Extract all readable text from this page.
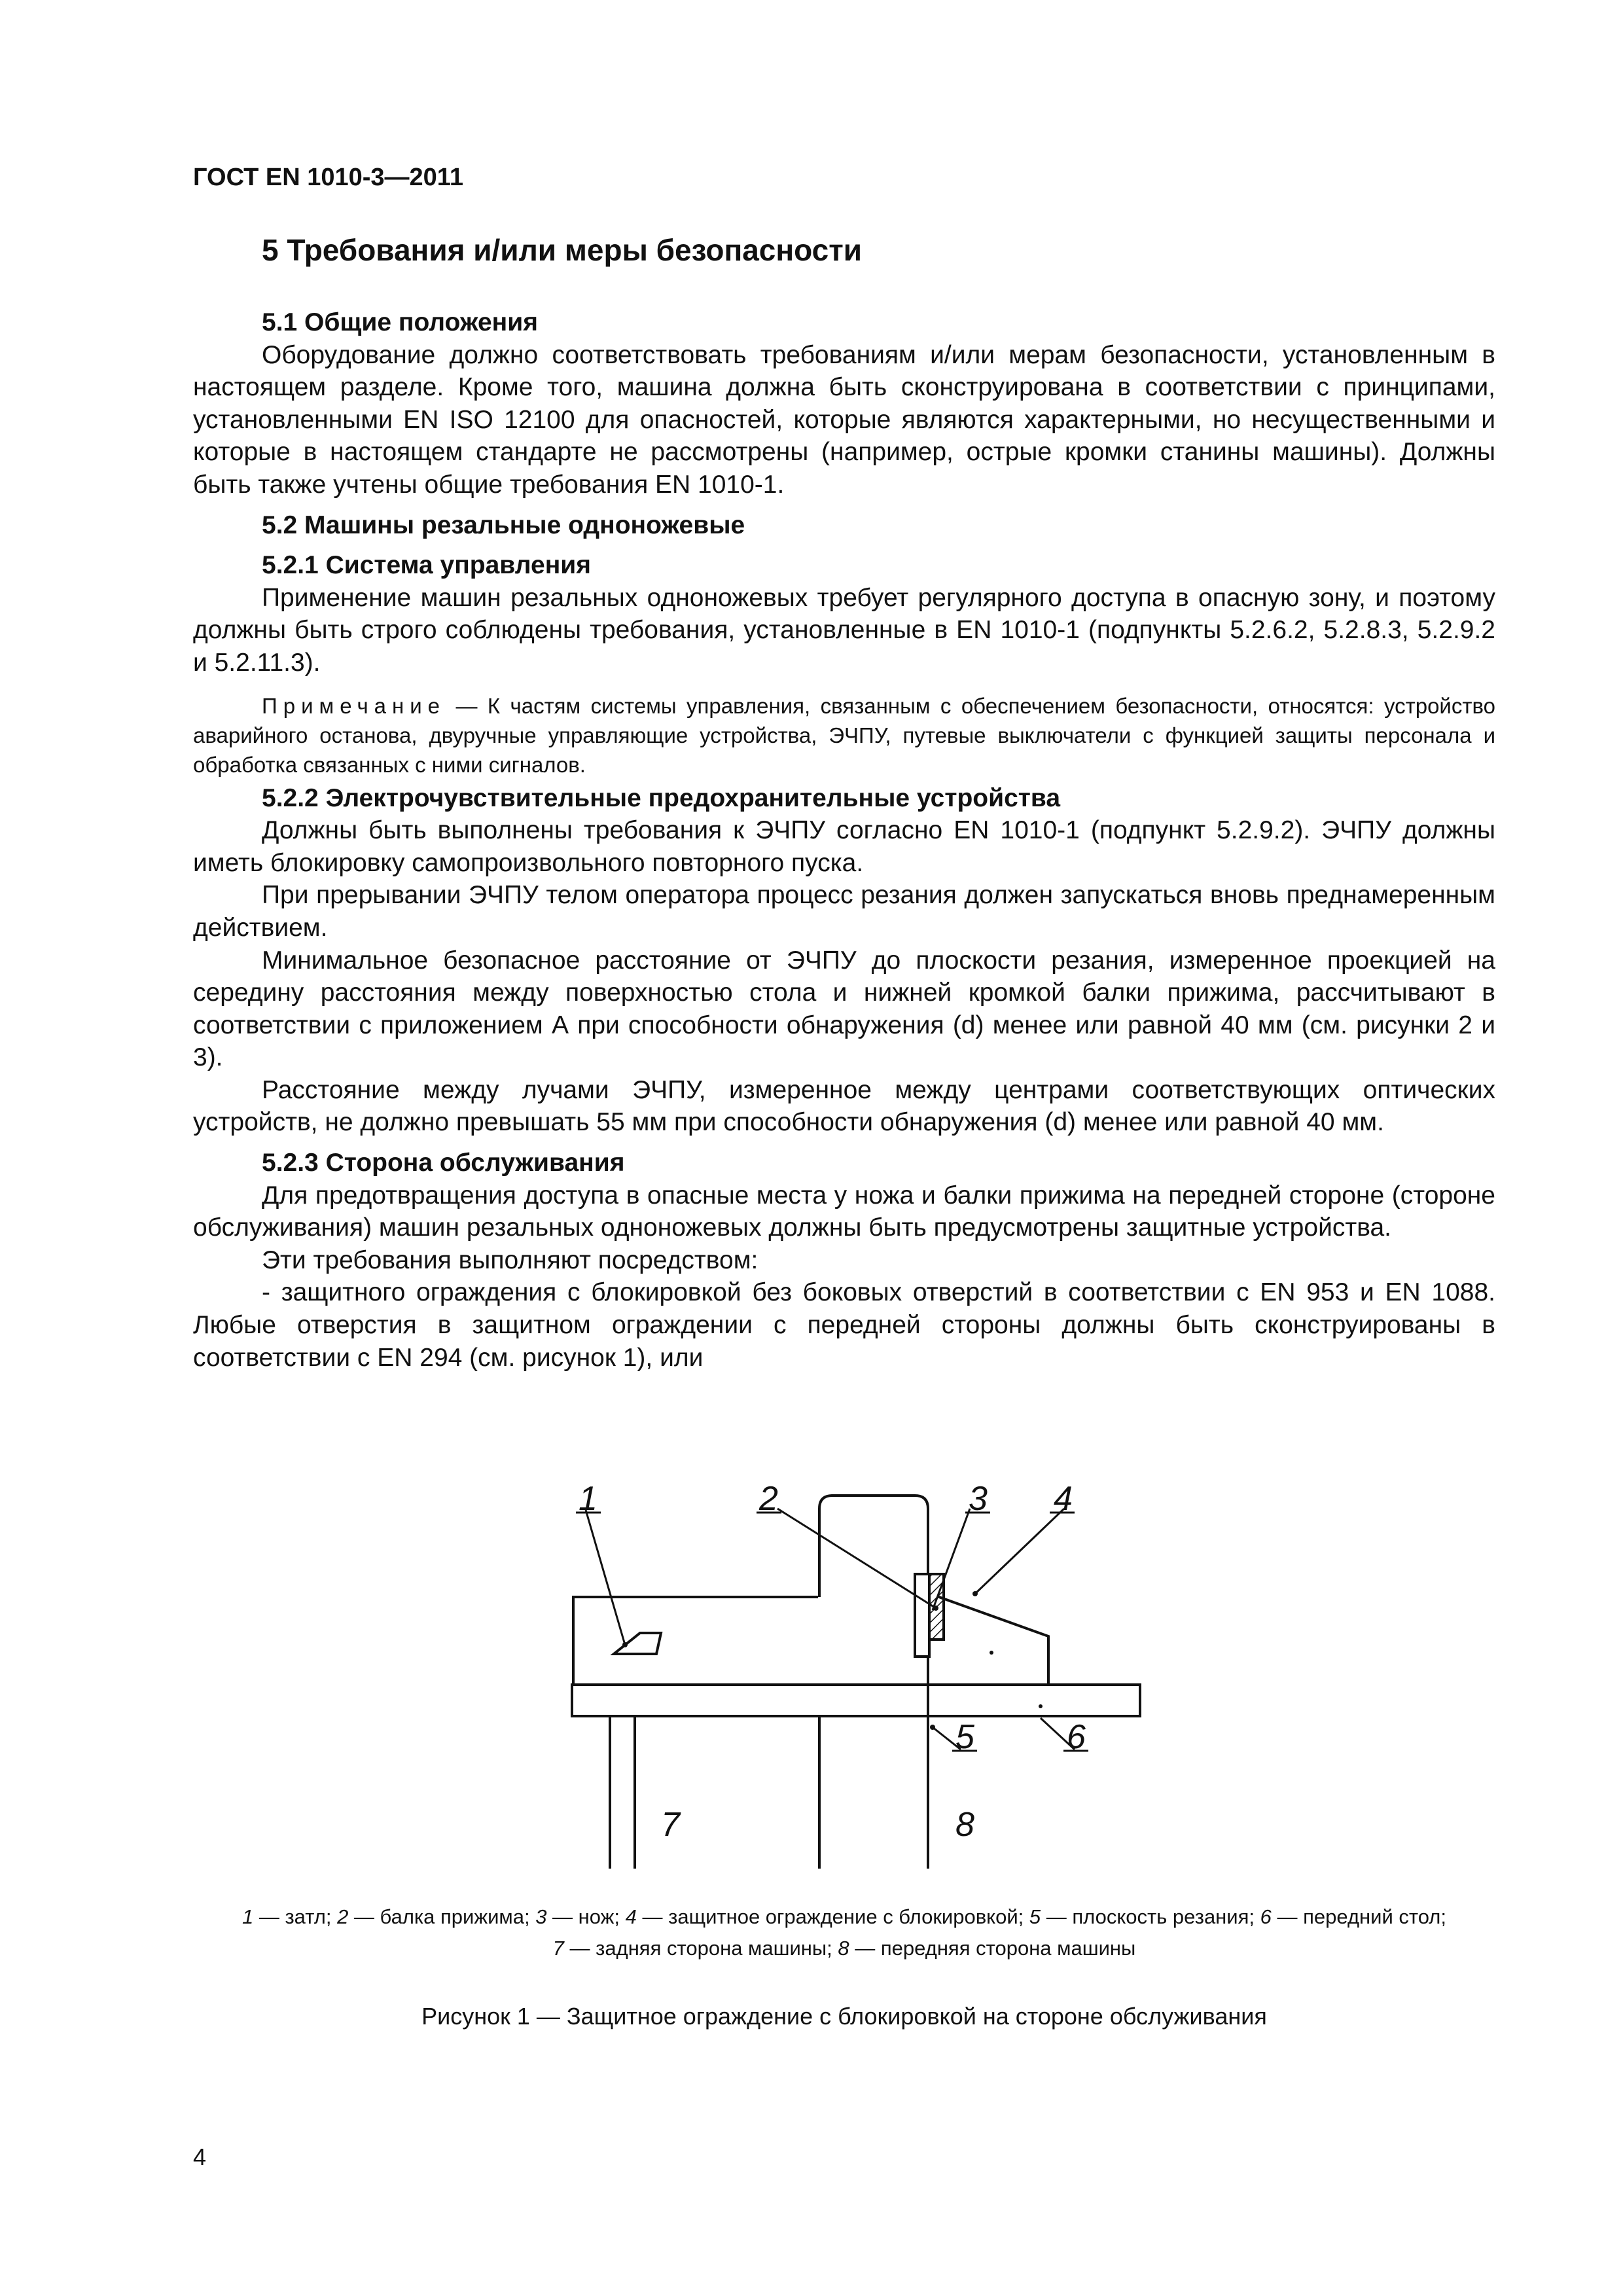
ГОСТ EN 1010-3—2011
5 Требования и/или меры безопасности
5.1 Общие положения

Оборудование должно соответствовать требованиям и/или мерам безопасности, установленным в настоящем разделе. Кроме того, машина должна быть сконструирована в соответствии с принципами, установленными EN ISO 12100 для опасностей, которые являются характерными, но несущественными и которые в настоящем стандарте не рассмотрены (например, острые кромки станины машины). Должны быть также учтены общие требования EN 1010-1.

5.2 Машины резальные одноножевые
5.2.1 Система управления

Применение машин резальных одноножевых требует регулярного доступа в опасную зону, и поэтому должны быть строго соблюдены требования, установленные в EN 1010-1 (подпункты 5.2.6.2, 5.2.8.3, 5.2.9.2 и 5.2.11.3).

Примечание — К частям системы управления, связанным с обеспечением безопасности, относятся: устройство аварийного останова, двуручные управляющие устройства, ЭЧПУ, путевые выключатели с функцией защиты персонала и обработка связанных с ними сигналов.

5.2.2 Электрочувствительные предохранительные устройства

Должны быть выполнены требования к ЭЧПУ согласно EN 1010-1 (подпункт 5.2.9.2). ЭЧПУ должны иметь блокировку самопроизвольного повторного пуска.

При прерывании ЭЧПУ телом оператора процесс резания должен запускаться вновь преднамеренным действием.

Минимальное безопасное расстояние от ЭЧПУ до плоскости резания, измеренное проекцией на середину расстояния между поверхностью стола и нижней кромкой балки прижима, рассчитывают в соответствии с приложением А при способности обнаружения (d) менее или равной 40 мм (см. рисунки 2 и 3).

Расстояние между лучами ЭЧПУ, измеренное между центрами соответствующих оптических устройств, не должно превышать 55 мм при способности обнаружения (d) менее или равной 40 мм.

5.2.3 Сторона обслуживания

Для предотвращения доступа в опасные места у ножа и балки прижима на передней стороне (стороне обслуживания) машин резальных одноножевых должны быть предусмотрены защитные устройства.

Эти требования выполняют посредством:

- защитного ограждения с блокировкой без боковых отверстий в соответствии с EN 953 и EN 1088. Любые отверстия в защитном ограждении с передней стороны должны быть сконструированы в соответствии с EN 294 (см. рисунок 1), или

1	2	3 4
5	6
7	8

1 — затл; 2 — балка прижима; 3 — нож; 4 — защитное ограждение с блокировкой; 5 — плоскость резания; 6 — передний стол;
7 — задняя сторона машины; 8 — передняя сторона машины

Рисунок 1 — Защитное ограждение с блокировкой на стороне обслуживания

4
